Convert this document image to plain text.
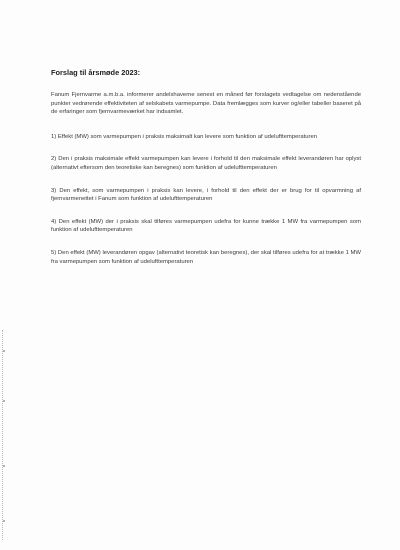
Forslag til årsmøde 2023:

Fanum Fjernvarme a.m.b.a. informerer andelshaverne senest en måned før forslagets vedtagelse om nedenstående punkter vedrørende effektiviteten af selskabets varmepumpe. Data fremlægges som kurver og/eller tabeller baseret på de erfaringer som fjernvarmeværket har indsamlet.

1) Effekt (MW) som varmepumpen i praksis maksimalt kan levere som funktion af udelufttemperaturen

2) Den i praksis maksimale effekt varmepumpen kan levere i forhold til den maksimale effekt leverandøren har oplyst (alternativt eftersom den teoretiske kan beregnes) som funktion af udelufttemperaturen

3) Den effekt, som varmepumpen i praksis kan levere, i forhold til den effekt der er brug for til opvarmning af fjernvarmenettet i Fanum som funktion af udelufttemperaturen

4) Den effekt (MW) der i praksis skal tilføres varmepumpen udefra for kunne trække 1 MW fra varmepumpen som funktion af udelufttemperaturen

5) Den effekt (MW) leverandøren opgav (alternativt teoretisk kan beregnes), der skal tilføres udefra for at trække 1 MW fra varmepumpen som funktion af udelufttemperaturen
